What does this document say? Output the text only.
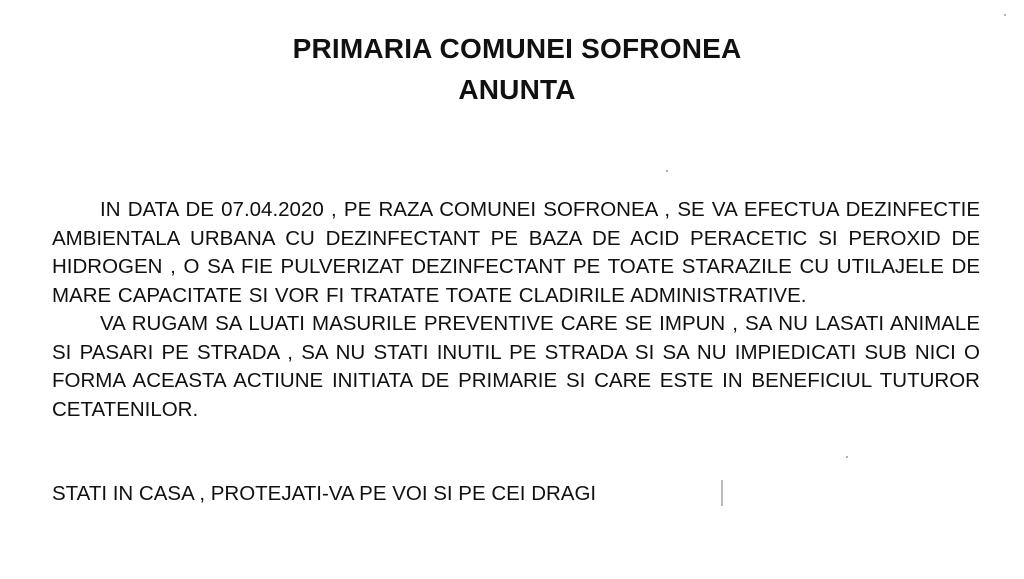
PRIMARIA COMUNEI SOFRONEA
ANUNTA

IN DATA DE 07.04.2020 , PE RAZA COMUNEI SOFRONEA , SE VA EFECTUA DEZINFECTIE AMBIENTALA URBANA CU DEZINFECTANT PE BAZA DE ACID PERACETIC SI PEROXID DE HIDROGEN , O SA FIE PULVERIZAT DEZINFECTANT PE TOATE STARAZILE CU UTILAJELE DE MARE CAPACITATE SI VOR FI TRATATE TOATE CLADIRILE ADMINISTRATIVE.

VA RUGAM SA LUATI MASURILE PREVENTIVE CARE SE IMPUN , SA NU LASATI ANIMALE SI PASARI PE STRADA , SA NU STATI INUTIL PE STRADA SI SA NU IMPIEDICATI SUB NICI O FORMA ACEASTA ACTIUNE INITIATA DE PRIMARIE SI CARE ESTE IN BENEFICIUL TUTUROR CETATENILOR.

STATI IN CASA , PROTEJATI-VA PE VOI SI PE CEI DRAGI
